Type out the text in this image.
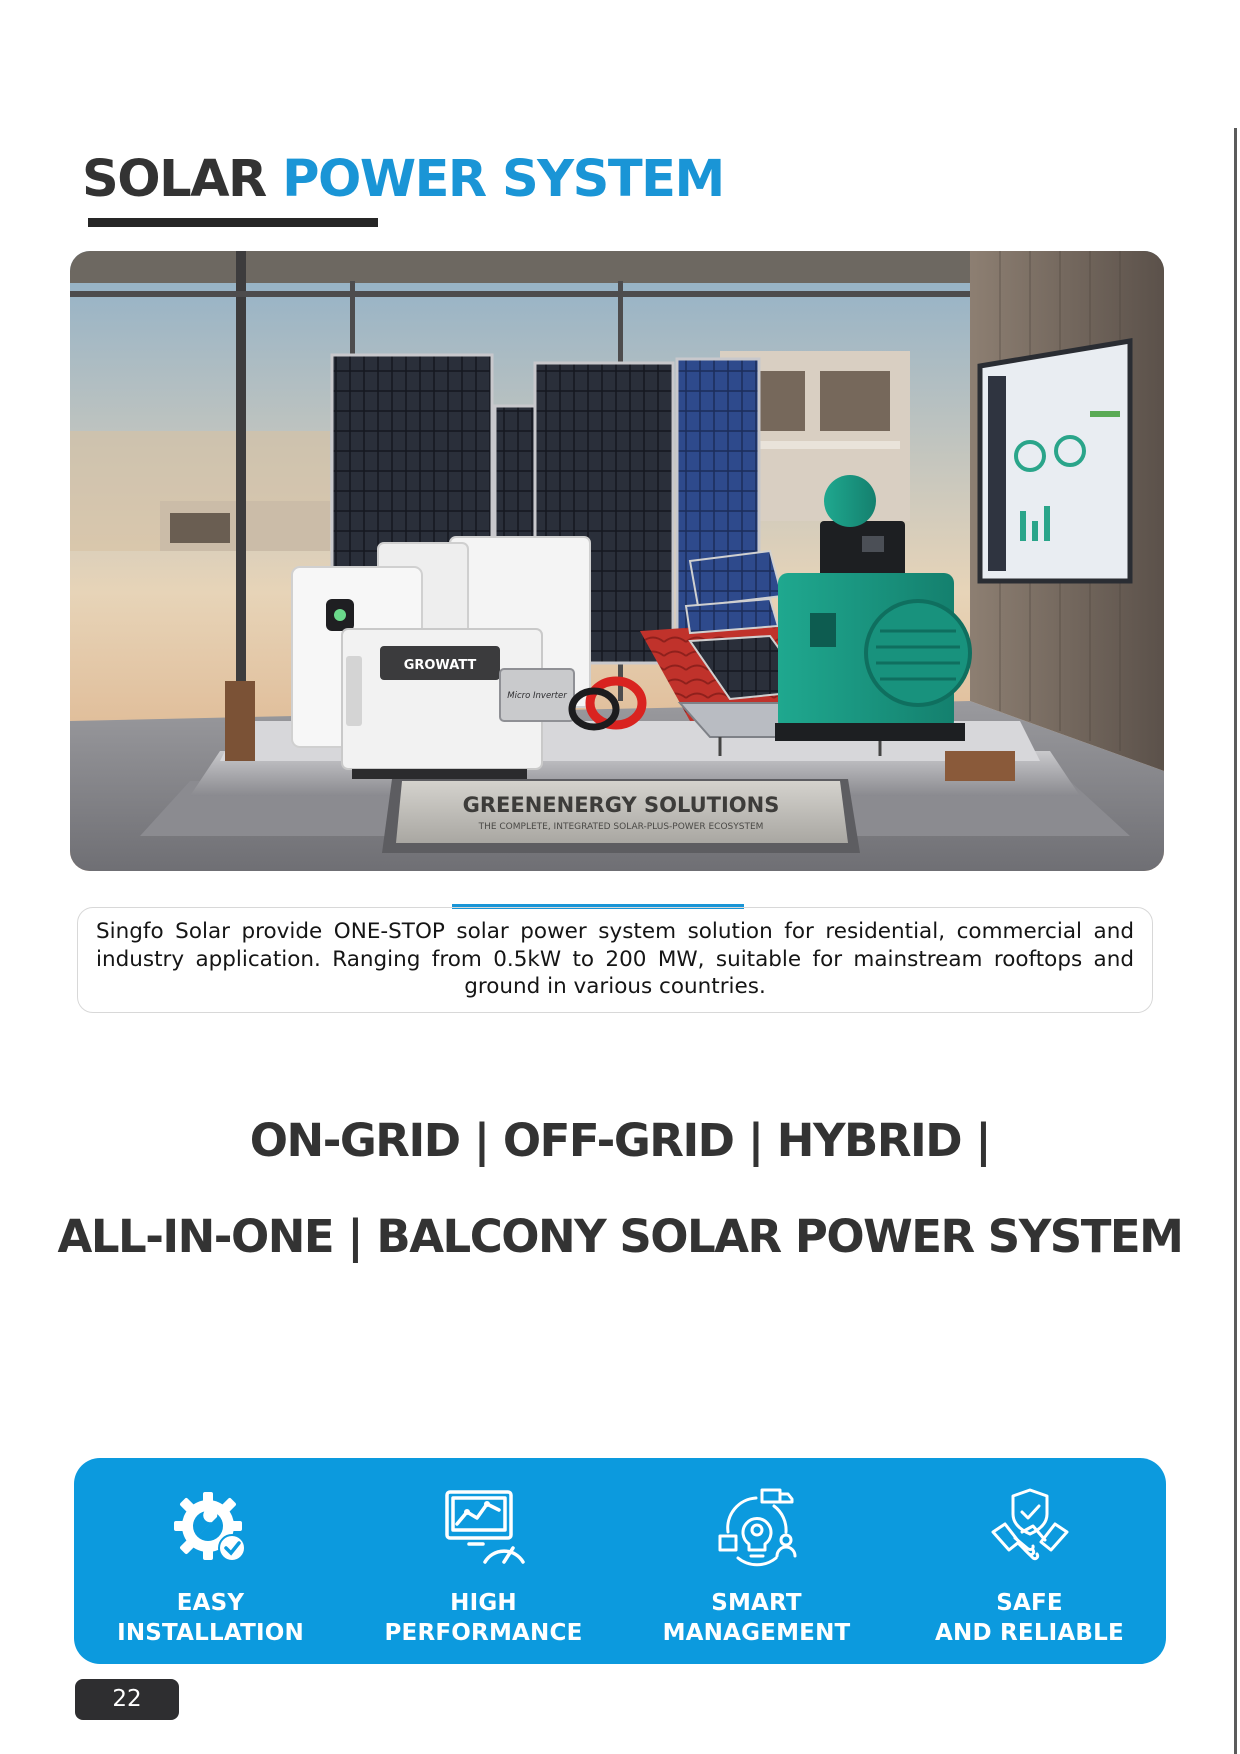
SOLAR POWER SYSTEM
GROWATT
Micro Inverter
GREENENERGY SOLUTIONS
THE COMPLETE, INTEGRATED SOLAR-PLUS-POWER ECOSYSTEM

Singfo Solar provide ONE-STOP solar power system solution for residential, commercial and industry application. Ranging from 0.5kW to 200 MW, suitable for mainstream rooftops and ground in various countries.

ON-GRID | OFF-GRID | HYBRID |
ALL-IN-ONE | BALCONY SOLAR POWER SYSTEM
EASY
INSTALLATION
HIGH
PERFORMANCE
SMART
MANAGEMENT
SAFE
AND RELIABLE
22
